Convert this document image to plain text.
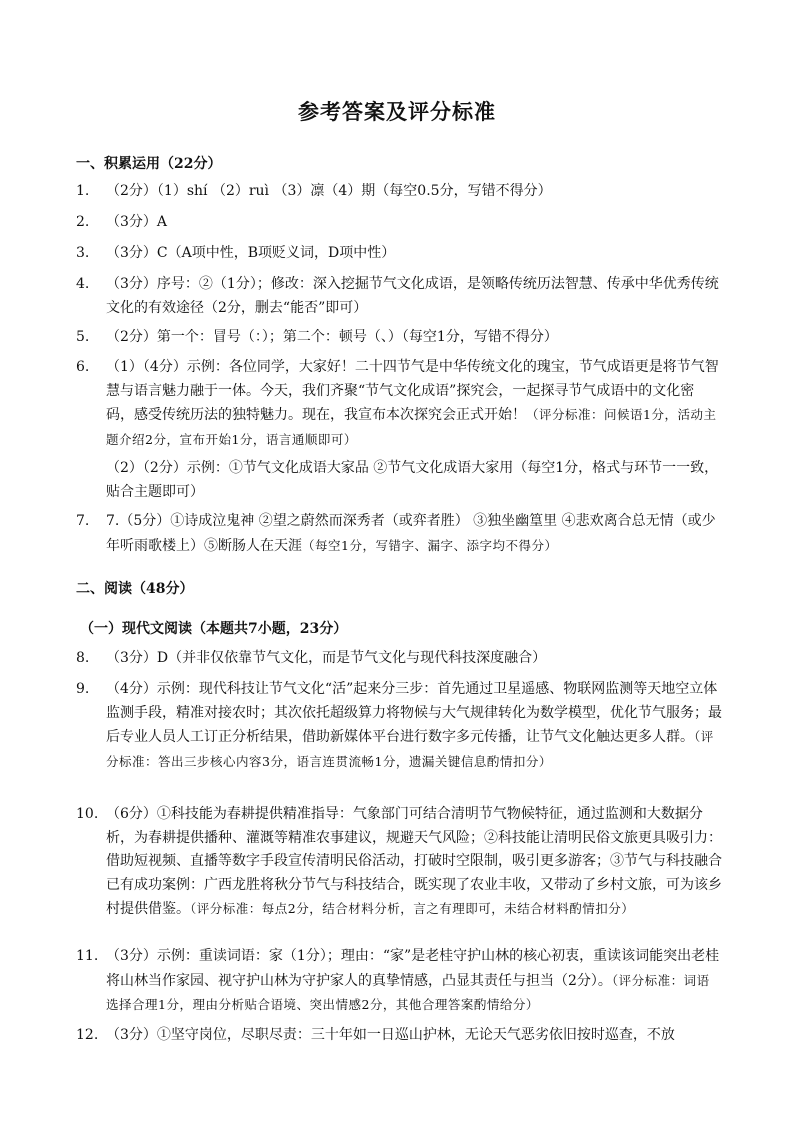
参考答案及评分标准
一、积累运用（22分）
1.	（2分）（1）shí （2）ruì （3）凛（4）期（每空0.5分，写错不得分）
2.	（3分）A
3.	（3分）C（A项中性，B项贬义词，D项中性）
4.	（3分）序号：②（1分）；修改：深入挖掘节气文化成语，是领略传统历法智慧、传承中华优秀传统文化的有效途径（2分，删去“能否”即可）
5.	（2分）第一个：冒号（：）；第二个：顿号（、）（每空1分，写错不得分）
6.	（1）（4分）示例：各位同学，大家好！二十四节气是中华传统文化的瑰宝，节气成语更是将节气智慧与语言魅力融于一体。今天，我们齐聚“节气文化成语”探究会，一起探寻节气成语中的文化密码，感受传统历法的独特魅力。现在，我宣布本次探究会正式开始！（评分标准：问候语1分，活动主题介绍2分，宣布开始1分，语言通顺即可）
（2）（2分）示例：①节气文化成语大家品 ②节气文化成语大家用（每空1分，格式与环节一一致，贴合主题即可）
7.	7.（5分）①诗成泣鬼神 ②望之蔚然而深秀者（或弈者胜） ③独坐幽篁里 ④悲欢离合总无情（或少年听雨歌楼上）⑤断肠人在天涯（每空1分，写错字、漏字、添字均不得分）
二、阅读（48分）
（一）现代文阅读（本题共7小题，23分）
8.	（3分）D（并非仅依靠节气文化，而是节气文化与现代科技深度融合）
9.	（4分）示例：现代科技让节气文化“活”起来分三步：首先通过卫星遥感、物联网监测等天地空立体监测手段，精准对接农时；其次依托超级算力将物候与大气规律转化为数学模型，优化节气服务；最后专业人员人工订正分析结果，借助新媒体平台进行数字多元传播，让节气文化触达更多人群。（评分标准：答出三步核心内容3分，语言连贯流畅1分，遗漏关键信息酌情扣分）
10. （6分）①科技能为春耕提供精准指导：气象部门可结合清明节气物候特征，通过监测和大数据分析，为春耕提供播种、灌溉等精准农事建议，规避天气风险；②科技能让清明民俗文旅更具吸引力：借助短视频、直播等数字手段宣传清明民俗活动，打破时空限制，吸引更多游客；③节气与科技融合已有成功案例：广西龙胜将秋分节气与科技结合，既实现了农业丰收，又带动了乡村文旅，可为该乡村提供借鉴。（评分标准：每点2分，结合材料分析，言之有理即可，未结合材料酌情扣分）
11. （3分）示例：重读词语：家（1分）；理由：“家”是老桂守护山林的核心初衷，重读该词能突出老桂将山林当作家园、视守护山林为守护家人的真挚情感，凸显其责任与担当（2分）。（评分标准：词语选择合理1分，理由分析贴合语境、突出情感2分，其他合理答案酌情给分）
12. （3分）①坚守岗位，尽职尽责：三十年如一日巡山护林，无论天气恶劣依旧按时巡查，不放
